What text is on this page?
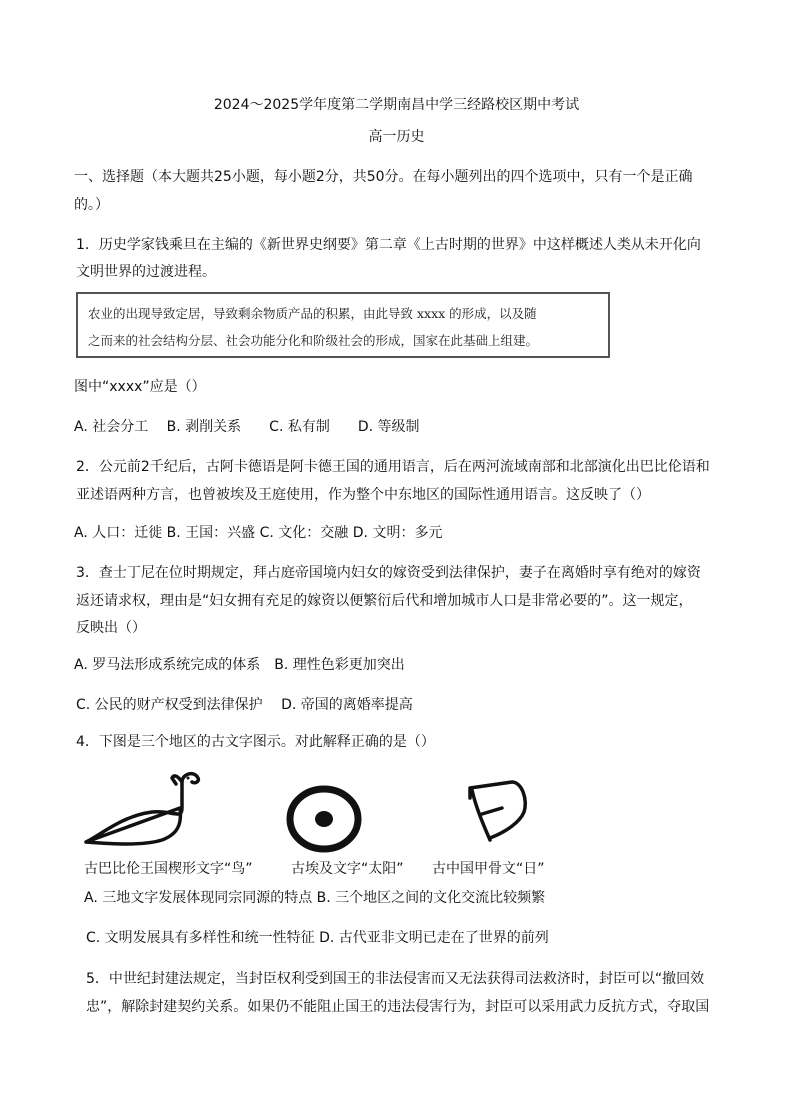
2024～2025学年度第二学期南昌中学三经路校区期中考试
高一历史
一、选择题（本大题共25小题，每小题2分，共50分。在每小题列出的四个选项中，只有一个是正确
的。）
1．历史学家钱乘旦在主编的《新世界史纲要》第二章《上古时期的世界》中这样概述人类从未开化向
文明世界的过渡进程。
农业的出现导致定居，导致剩余物质产品的积累，由此导致 xxxx 的形成，以及随
之而来的社会结构分层、社会功能分化和阶级社会的形成，国家在此基础上组建。
图中“xxxx”应是（）
A. 社会分工　 B. 剥削关系　　C. 私有制　　D. 等级制
2．公元前2千纪后，古阿卡德语是阿卡德王国的通用语言，后在两河流域南部和北部演化出巴比伦语和
亚述语两种方言，也曾被埃及王庭使用，作为整个中东地区的国际性通用语言。这反映了（）
A. 人口：迁徙 B. 王国：兴盛 C. 文化：交融 D. 文明：多元
3．查士丁尼在位时期规定，拜占庭帝国境内妇女的嫁资受到法律保护，妻子在离婚时享有绝对的嫁资
返还请求权，理由是“妇女拥有充足的嫁资以便繁衍后代和增加城市人口是非常必要的”。这一规定，
反映出（）
A. 罗马法形成系统完成的体系　B. 理性色彩更加突出
C. 公民的财产权受到法律保护　 D. 帝国的离婚率提高
4．下图是三个地区的古文字图示。对此解释正确的是（）
古巴比伦王国楔形文字“鸟”	古埃及文字“太阳” 古中国甲骨文“日”
A. 三地文字发展体现同宗同源的特点 B. 三个地区之间的文化交流比较频繁
C. 文明发展具有多样性和统一性特征 D. 古代亚非文明已走在了世界的前列
5．中世纪封建法规定，当封臣权利受到国王的非法侵害而又无法获得司法救济时，封臣可以“撤回效
忠”，解除封建契约关系。如果仍不能阻止国王的违法侵害行为，封臣可以采用武力反抗方式，夺取国
